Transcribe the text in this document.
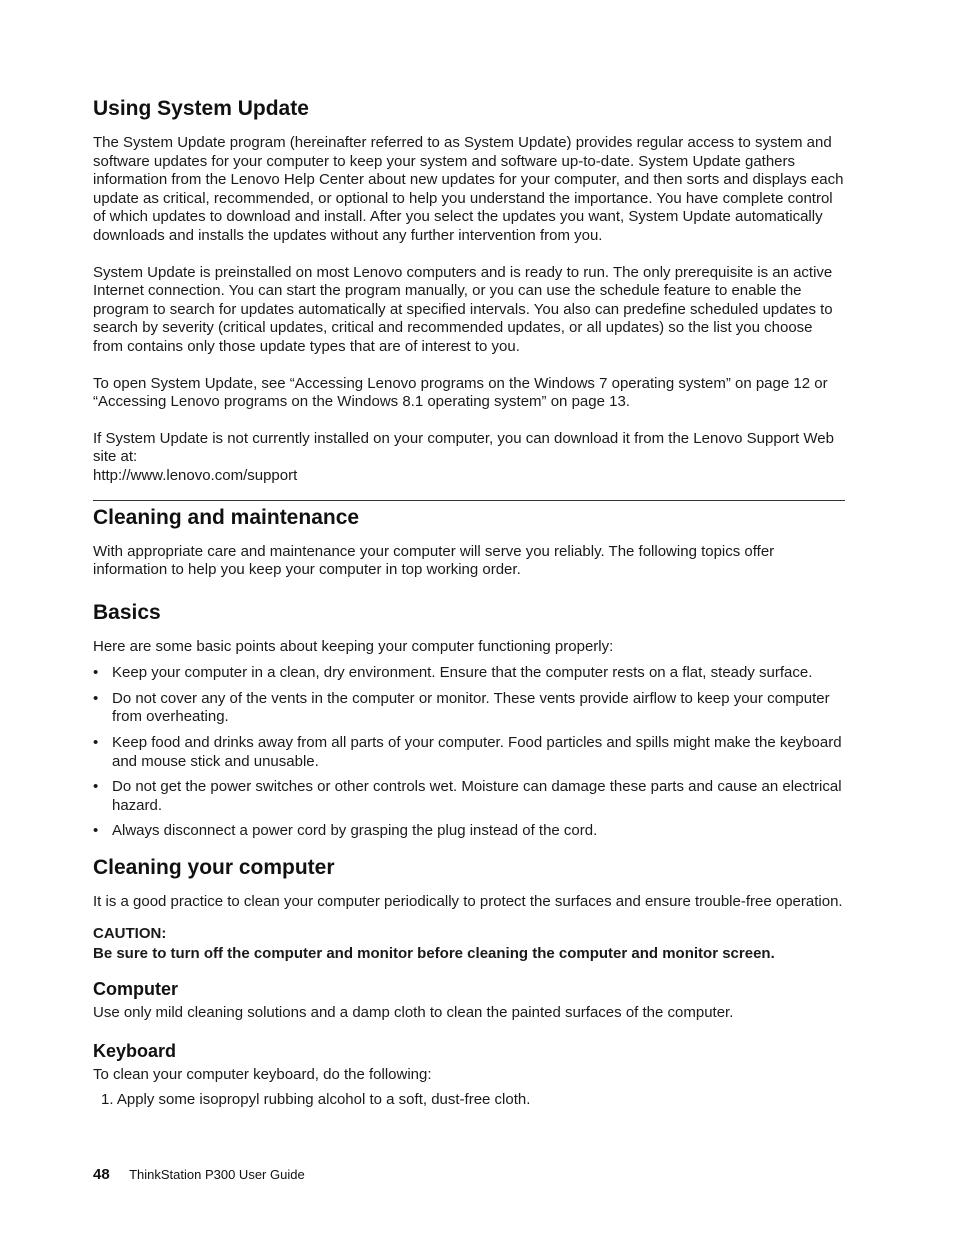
Using System Update

The System Update program (hereinafter referred to as System Update) provides regular access to system and software updates for your computer to keep your system and software up-to-date. System Update gathers information from the Lenovo Help Center about new updates for your computer, and then sorts and displays each update as critical, recommended, or optional to help you understand the importance. You have complete control of which updates to download and install. After you select the updates you want, System Update automatically downloads and installs the updates without any further intervention from you.

System Update is preinstalled on most Lenovo computers and is ready to run. The only prerequisite is an active Internet connection. You can start the program manually, or you can use the schedule feature to enable the program to search for updates automatically at specified intervals. You also can predefine scheduled updates to search by severity (critical updates, critical and recommended updates, or all updates) so the list you choose from contains only those update types that are of interest to you.

To open System Update, see “Accessing Lenovo programs on the Windows 7 operating system” on page 12 or “Accessing Lenovo programs on the Windows 8.1 operating system” on page 13.

If System Update is not currently installed on your computer, you can download it from the Lenovo Support Web site at:

http://www.lenovo.com/support

Cleaning and maintenance

With appropriate care and maintenance your computer will serve you reliably. The following topics offer information to help you keep your computer in top working order.

Basics

Here are some basic points about keeping your computer functioning properly:

• Keep your computer in a clean, dry environment. Ensure that the computer rests on a flat, steady surface.
• Do not cover any of the vents in the computer or monitor. These vents provide airflow to keep your computer from overheating.
• Keep food and drinks away from all parts of your computer. Food particles and spills might make the keyboard and mouse stick and unusable.
• Do not get the power switches or other controls wet. Moisture can damage these parts and cause an electrical hazard.
• Always disconnect a power cord by grasping the plug instead of the cord.
Cleaning your computer

It is a good practice to clean your computer periodically to protect the surfaces and ensure trouble-free operation.

CAUTION:
Be sure to turn off the computer and monitor before cleaning the computer and monitor screen.
Computer

Use only mild cleaning solutions and a damp cloth to clean the painted surfaces of the computer.

Keyboard

To clean your computer keyboard, do the following:

1. Apply some isopropyl rubbing alcohol to a soft, dust-free cloth.
48 ThinkStation P300 User Guide
